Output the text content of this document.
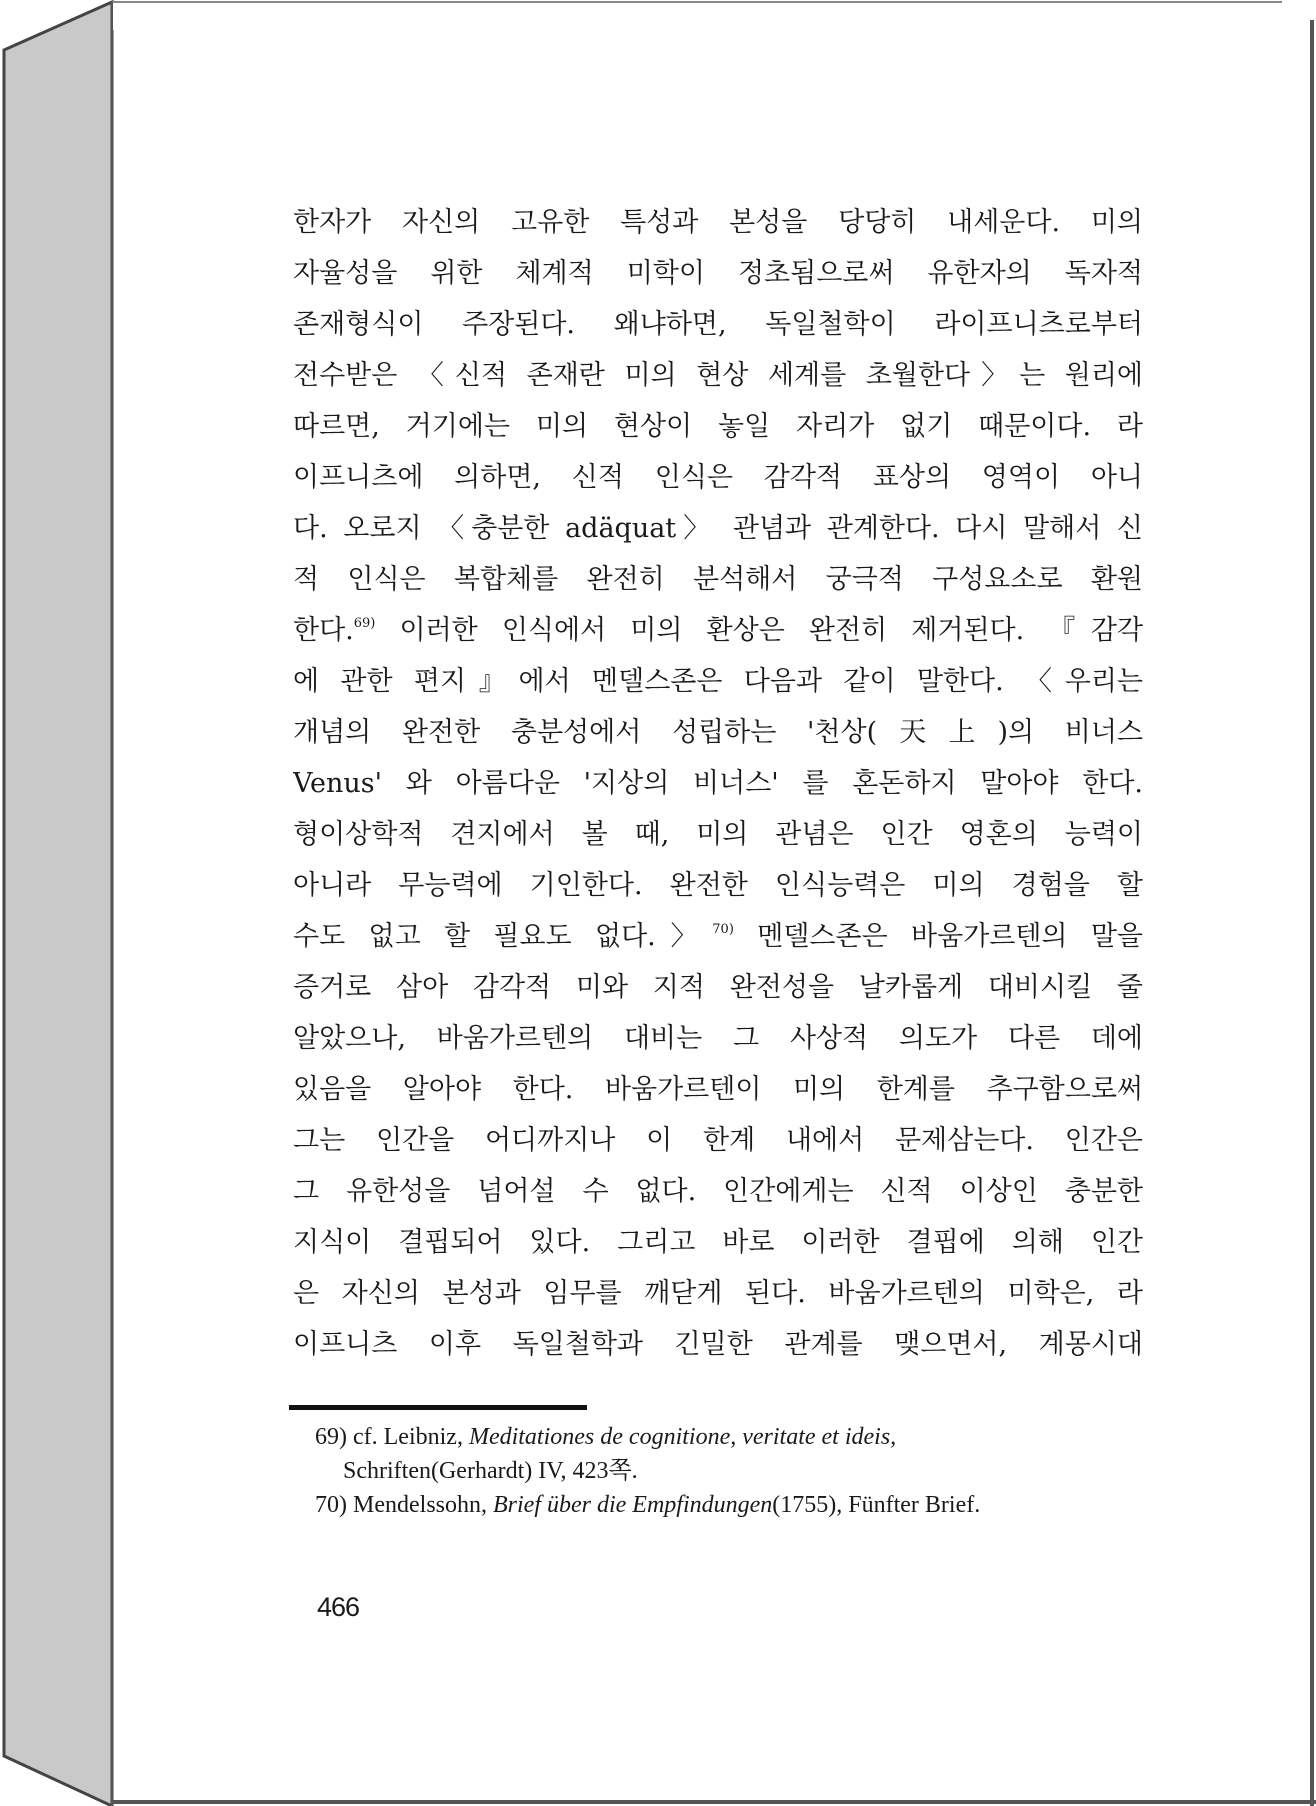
한자가 자신의 고유한 특성과 본성을 당당히 내세운다. 미의
자율성을 위한 체계적 미학이 정초됨으로써 유한자의 독자적
존재형식이 주장된다. 왜냐하면, 독일철학이 라이프니츠로부터
전수받은 〈신적 존재란 미의 현상 세계를 초월한다〉는 원리에
따르면, 거기에는 미의 현상이 놓일 자리가 없기 때문이다. 라
이프니츠에 의하면, 신적 인식은 감각적 표상의 영역이 아니
다. 오로지 〈충분한 adäquat〉 관념과 관계한다. 다시 말해서 신
적 인식은 복합체를 완전히 분석해서 궁극적 구성요소로 환원
한다.$^{69)}$ 이러한 인식에서 미의 환상은 완전히 제거된다. 『감각
에 관한 편지』에서 멘델스존은 다음과 같이 말한다. 〈우리는
개념의 완전한 충분성에서 성립하는 '천상(天上)의 비너스
Venus' 와 아름다운 '지상의 비너스' 를 혼돈하지 말아야 한다.
형이상학적 견지에서 볼 때, 미의 관념은 인간 영혼의 능력이
아니라 무능력에 기인한다. 완전한 인식능력은 미의 경험을 할
수도 없고 할 필요도 없다.〉$^{70)}$ 멘델스존은 바움가르텐의 말을
증거로 삼아 감각적 미와 지적 완전성을 날카롭게 대비시킬 줄
알았으나, 바움가르텐의 대비는 그 사상적 의도가 다른 데에
있음을 알아야 한다. 바움가르텐이 미의 한계를 추구함으로써
그는 인간을 어디까지나 이 한계 내에서 문제삼는다. 인간은
그 유한성을 넘어설 수 없다. 인간에게는 신적 이상인 충분한
지식이 결핍되어 있다. 그리고 바로 이러한 결핍에 의해 인간
은 자신의 본성과 임무를 깨닫게 된다. 바움가르텐의 미학은, 라
이프니츠 이후 독일철학과 긴밀한 관계를 맺으면서, 계몽시대
69) cf. Leibniz, Meditationes de cognitione, veritate et ideis,
Schriften(Gerhardt) IV, 423쪽.
70) Mendelssohn, Brief über die Empfindungen(1755), Fünfter Brief.
466
